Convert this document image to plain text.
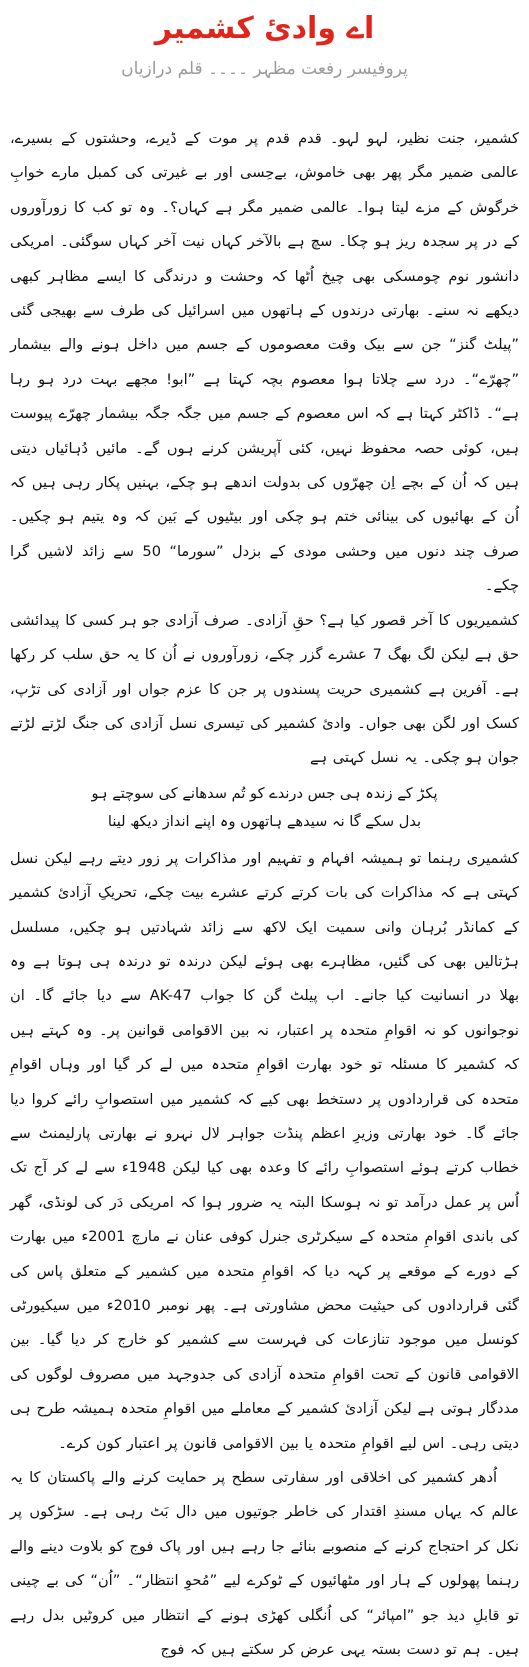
اے وادیٔ کشمیر
پروفیسر رفعت مظہر ۔۔۔۔ قلم درازیاں

کشمیر، جنت نظیر، لہو لہو۔ قدم قدم پر موت کے ڈیرے، وحشتوں کے بسیرے، عالمی ضمیر مگر پھر بھی خاموش، بےحِسی اور بے غیرتی کی کمبل مارے خوابِ خرگوش کے مزے لیتا ہوا۔ عالمی ضمیر مگر ہے کہاں؟۔ وہ تو کب کا زورآوروں کے در پر سجدہ ریز ہو چکا۔ سچ ہے بالآخر کہاں نیت آخر کہاں سوگئی۔ امریکی دانشور نوم چومسکی بھی چیخ اُٹھا کہ وحشت و درندگی کا ایسے مظاہر کبھی دیکھے نہ سنے۔ بھارتی درندوں کے ہاتھوں میں اسرائیل کی طرف سے بھیجی گئی ”پیلٹ گنز“ جن سے بیک وقت معصوموں کے جسم میں داخل ہونے والے بیشمار ”چھرّے“۔ درد سے چلاتا ہوا معصوم بچہ کہتا ہے ”ابو! مجھے بہت درد ہو رہا ہے“۔ ڈاکٹر کہتا ہے کہ اس معصوم کے جسم میں جگہ جگہ بیشمار چھرّے پیوست ہیں، کوئی حصہ محفوظ نہیں، کئی آپریشن کرنے ہوں گے۔ مائیں دُہائیاں دیتی ہیں کہ اُن کے بچے اِن چھرّوں کی بدولت اندھے ہو چکے، بہنیں پکار رہی ہیں کہ اُن کے بھائیوں کی بینائی ختم ہو چکی اور بیٹیوں کے بَین کہ وہ یتیم ہو چکیں۔ صرف چند دنوں میں وحشی مودی کے بزدل ”سورما“ 50 سے زائد لاشیں گرا چکے۔

کشمیریوں کا آخر قصور کیا ہے؟ حقِ آزادی۔ صرف آزادی جو ہر کسی کا پیدائشی حق ہے لیکن لگ بھگ 7 عشرے گزر چکے، زورآوروں نے اُن کا یہ حق سلب کر رکھا ہے۔ آفرین ہے کشمیری حریت پسندوں پر جن کا عزم جواں اور آزادی کی تڑپ، کسک اور لگن بھی جواں۔ وادیٔ کشمیر کی تیسری نسل آزادی کی جنگ لڑتے لڑتے جوان ہو چکی۔ یہ نسل کہتی ہے

پکڑ کے زندہ ہی جس درندے کو تُم سدھانے کی سوچتے ہو
بدل سکے گا نہ سیدھے ہاتھوں وہ اپنے انداز دیکھ لینا

کشمیری رہنما تو ہمیشہ افہام و تفہیم اور مذاکرات پر زور دیتے رہے لیکن نسل کہتی ہے کہ مذاکرات کی بات کرتے کرتے عشرے بیت چکے، تحریکِ آزادیٔ کشمیر کے کمانڈر بُرہان وانی سمیت ایک لاکھ سے زائد شہادتیں ہو چکیں، مسلسل ہڑتالیں بھی کی گئیں، مظاہرے بھی ہوئے لیکن درندہ تو درندہ ہی ہوتا ہے وہ بھلا در انسانیت کیا جانے۔ اب پیلٹ گن کا جواب AK-47 سے دیا جائے گا۔ ان نوجوانوں کو نہ اقوامِ متحدہ پر اعتبار، نہ بین الاقوامی قوانین پر۔ وہ کہتے ہیں کہ کشمیر کا مسئلہ تو خود بھارت اقوامِ متحدہ میں لے کر گیا اور وہاں اقوامِ متحدہ کی قراردادوں پر دستخط بھی کیے کہ کشمیر میں استصوابِ رائے کروا دیا جائے گا۔ خود بھارتی وزیرِ اعظم پنڈت جواہر لال نہرو نے بھارتی پارلیمنٹ سے خطاب کرتے ہوئے استصوابِ رائے کا وعدہ بھی کیا لیکن 1948ء سے لے کر آج تک اُس پر عمل درآمد تو نہ ہوسکا البتہ یہ ضرور ہوا کہ امریکی دَر کی لونڈی، گھر کی باندی اقوامِ متحدہ کے سیکرٹری جنرل کوفی عنان نے مارچ 2001ء میں بھارت کے دورے کے موقعے پر کہہ دیا کہ اقوامِ متحدہ میں کشمیر کے متعلق پاس کی گئی قراردادوں کی حیثیت محض مشاورتی ہے۔ پھر نومبر 2010ء میں سیکیورٹی کونسل میں موجود تنازعات کی فہرست سے کشمیر کو خارج کر دیا گیا۔ بین الاقوامی قانون کے تحت اقوامِ متحدہ آزادی کی جدوجہد میں مصروف لوگوں کی مددگار ہوتی ہے لیکن آزادیٔ کشمیر کے معاملے میں اقوامِ متحدہ ہمیشہ طرح ہی دیتی رہی۔ اس لیے اقوامِ متحدہ یا بین الاقوامی قانون پر اعتبار کون کرے۔

اُدھر کشمیر کی اخلاقی اور سفارتی سطح پر حمایت کرنے والے پاکستان کا یہ عالم کہ یہاں مسندِ اقتدار کی خاطر جوتیوں میں دال بَٹ رہی ہے۔ سڑکوں پر نکل کر احتجاج کرنے کے منصوبے بنائے جا رہے ہیں اور پاک فوج کو بلاوت دینے والے رہنما پھولوں کے ہار اور مٹھائیوں کے ٹوکرے لیے ”مُحوِ انتظار“۔ ”اُن“ کی بے چینی تو قابلِ دید جو ”امپائر“ کی اُنگلی کھڑی ہونے کے انتظار میں کروٹیں بدل رہے ہیں۔ ہم تو دست بستہ یہی عرض کر سکتے ہیں کہ فوج
